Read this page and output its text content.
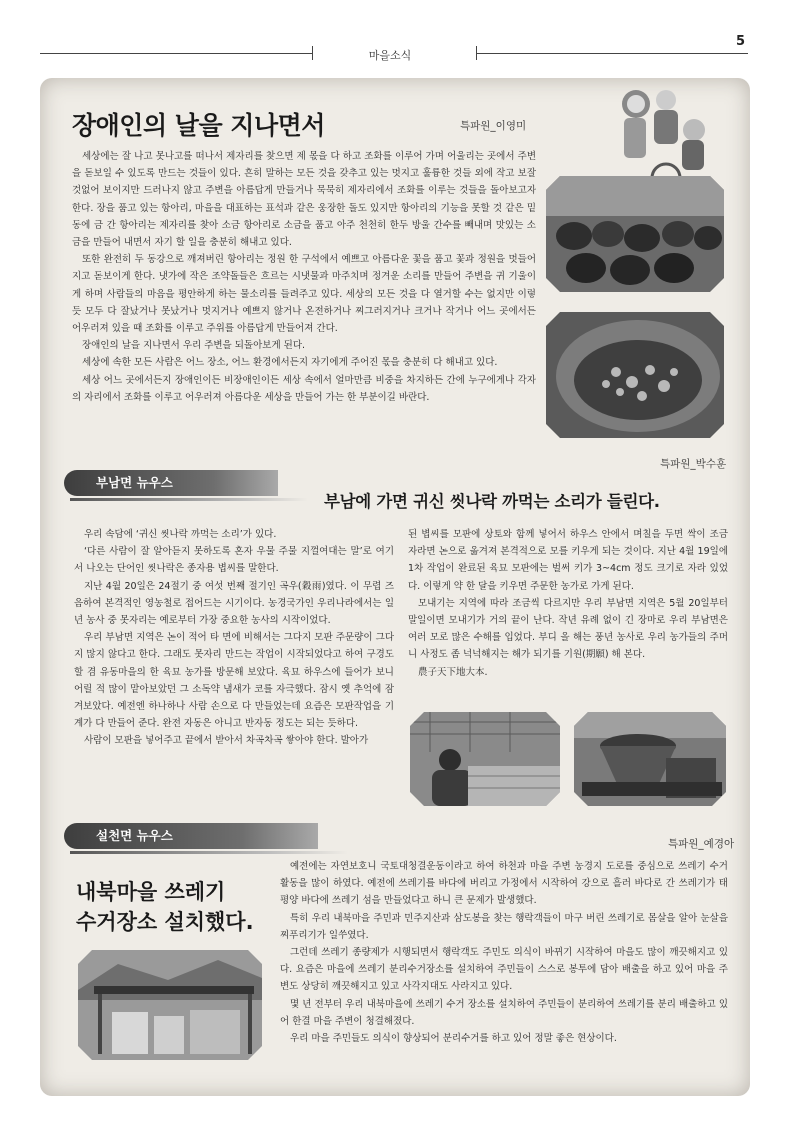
마을소식
5
장애인의 날을 지나면서	특파원_이영미

세상에는 잘 나고 못나고를 떠나서 제자리를 찾으면 제 몫을 다 하고 조화를 이루어 가며 어울리는 곳에서 주변을 돋보일 수 있도록 만드는 것들이 있다. 흔히 말하는 모든 것을 갖추고 있는 멋지고 훌륭한 것들 외에 작고 보잘것없어 보이지만 드러나지 않고 주변을 아름답게 만들거나 묵묵히 제자리에서 조화를 이루는 것들을 돌아보고자 한다. 장을 품고 있는 항아리, 마을을 대표하는 표석과 같은 웅장한 돌도 있지만 항아리의 기능을 못할 것 같은 밑동에 금 간 항아리는 제자리를 찾아 소금 항아리로 소금을 품고 아주 천천히 한두 방울 간수를 빼내며 맛있는 소금을 만들어 내면서 자기 할 일을 충분히 해내고 있다.

또한 완전히 두 동강으로 깨져버린 항아리는 정원 한 구석에서 예쁘고 아름다운 꽃을 품고 꽃과 정원을 멋들어지고 돋보이게 한다. 냇가에 작은 조약돌들은 흐르는 시냇물과 마주치며 정겨운 소리를 만들어 주변을 귀 기울이게 하며 사람들의 마음을 평안하게 하는 물소리를 들려주고 있다. 세상의 모든 것을 다 열거할 수는 없지만 이렇듯 모두 다 잘났거나 못났거나 멋지거나 예쁘지 않거나 온전하거나 찌그러지거나 크거나 작거나 어느 곳에서든 어우러져 있을 때 조화를 이루고 주위를 아름답게 만들어져 간다.

장애인의 날을 지나면서 우리 주변을 되돌아보게 된다.

세상에 속한 모든 사람은 어느 장소, 어느 환경에서든지 자기에게 주어진 몫을 충분히 다 해내고 있다.

세상 어느 곳에서든지 장애인이든 비장애인이든 세상 속에서 얼마만큼 비중을 차지하든 간에 누구에게나 각자의 자리에서 조화를 이루고 어우러져 아름다운 세상을 만들어 가는 한 부분이길 바란다.

특파원_박수훈
부남면 뉴우스
부남에 가면 귀신 씻나락 까먹는 소리가 들린다.

우리 속담에 ‘귀신 씻나락 까먹는 소리’가 있다.

‘다른 사람이 잘 알아듣지 못하도록 혼자 우물 주물 지껄여대는 말’로 여기서 나오는 단어인 씻나락은 종자용 볍씨를 말한다.

지난 4월 20일은 24절기 중 여섯 번째 절기인 곡우(穀雨)였다. 이 무렵 즈음하여 본격적인 영농철로 접어드는 시기이다. 농경국가인 우리나라에서는 일 년 농사 중 못자리는 예로부터 가장 중요한 농사의 시작이었다.

우리 부남면 지역은 논이 적어 타 면에 비해서는 그다지 모판 주문량이 그다지 많지 않다고 한다. 그래도 못자리 만드는 작업이 시작되었다고 하여 구경도 할 겸 유동마을의 한 육묘 농가를 방문해 보았다. 육묘 하우스에 들어가 보니 어릴 적 많이 맡아보았던 그 소독약 냄새가 코를 자극했다. 잠시 옛 추억에 잠겨보았다. 예전엔 하나하나 사람 손으로 다 만들었는데 요즘은 모판작업을 기계가 다 만들어 준다. 완전 자동은 아니고 반자동 정도는 되는 듯하다.

사람이 모판을 넣어주고 끝에서 받아서 차곡차곡 쌓아야 한다. 발아가

된 볍씨를 모판에 상토와 함께 넣어서 하우스 안에서 며칠을 두면 싹이 조금 자라면 논으로 옮겨져 본격적으로 모를 키우게 되는 것이다. 지난 4월 19일에 1차 작업이 완료된 육묘 모판에는 벌써 키가 3~4cm 정도 크기로 자라 있었다. 이렇게 약 한 달을 키우면 주문한 농가로 가게 된다.

모내기는 지역에 따라 조금씩 다르지만 우리 부남면 지역은 5월 20일부터 말일이면 모내기가 거의 끝이 난다. 작년 유례 없이 긴 장마로 우리 부남면은 여러 모로 많은 수해를 입었다. 부디 올 해는 풍년 농사로 우리 농가들의 주머니 사정도 좀 넉넉해지는 해가 되기를 기원(期願) 해 본다.

農子天下地大本.

설천면 뉴우스
특파원_예경아
내북마을 쓰레기
수거장소 설치했다.

예전에는 자연보호니 국토대청결운동이라고 하여 하천과 마을 주변 농경지 도로를 중심으로 쓰레기 수거 활동을 많이 하였다. 예전에 쓰레기를 바다에 버리고 가정에서 시작하여 강으로 흘러 바다로 간 쓰레기가 태평양 바다에 쓰레기 섬을 만들었다고 하니 큰 문제가 발생했다.

특히 우리 내북마을 주민과 민주지산과 삼도봉을 찾는 행락객들이 마구 버린 쓰레기로 몸살을 알아 눈살을 찌푸리기가 일쑤였다.

그런데 쓰레기 종량제가 시행되면서 행락객도 주민도 의식이 바뀌기 시작하여 마을도 많이 깨끗해지고 있다. 요즘은 마을에 쓰레기 분리수거장소를 설치하여 주민들이 스스로 봉투에 담아 배출을 하고 있어 마을 주변도 상당히 깨끗해지고 있고 사각지대도 사라지고 있다.

몇 년 전부터 우리 내북마을에 쓰레기 수거 장소를 설치하여 주민들이 분리하여 쓰레기를 분리 배출하고 있어 한결 마을 주변이 청결해졌다.

우리 마을 주민들도 의식이 향상되어 분리수거를 하고 있어 정말 좋은 현상이다.
